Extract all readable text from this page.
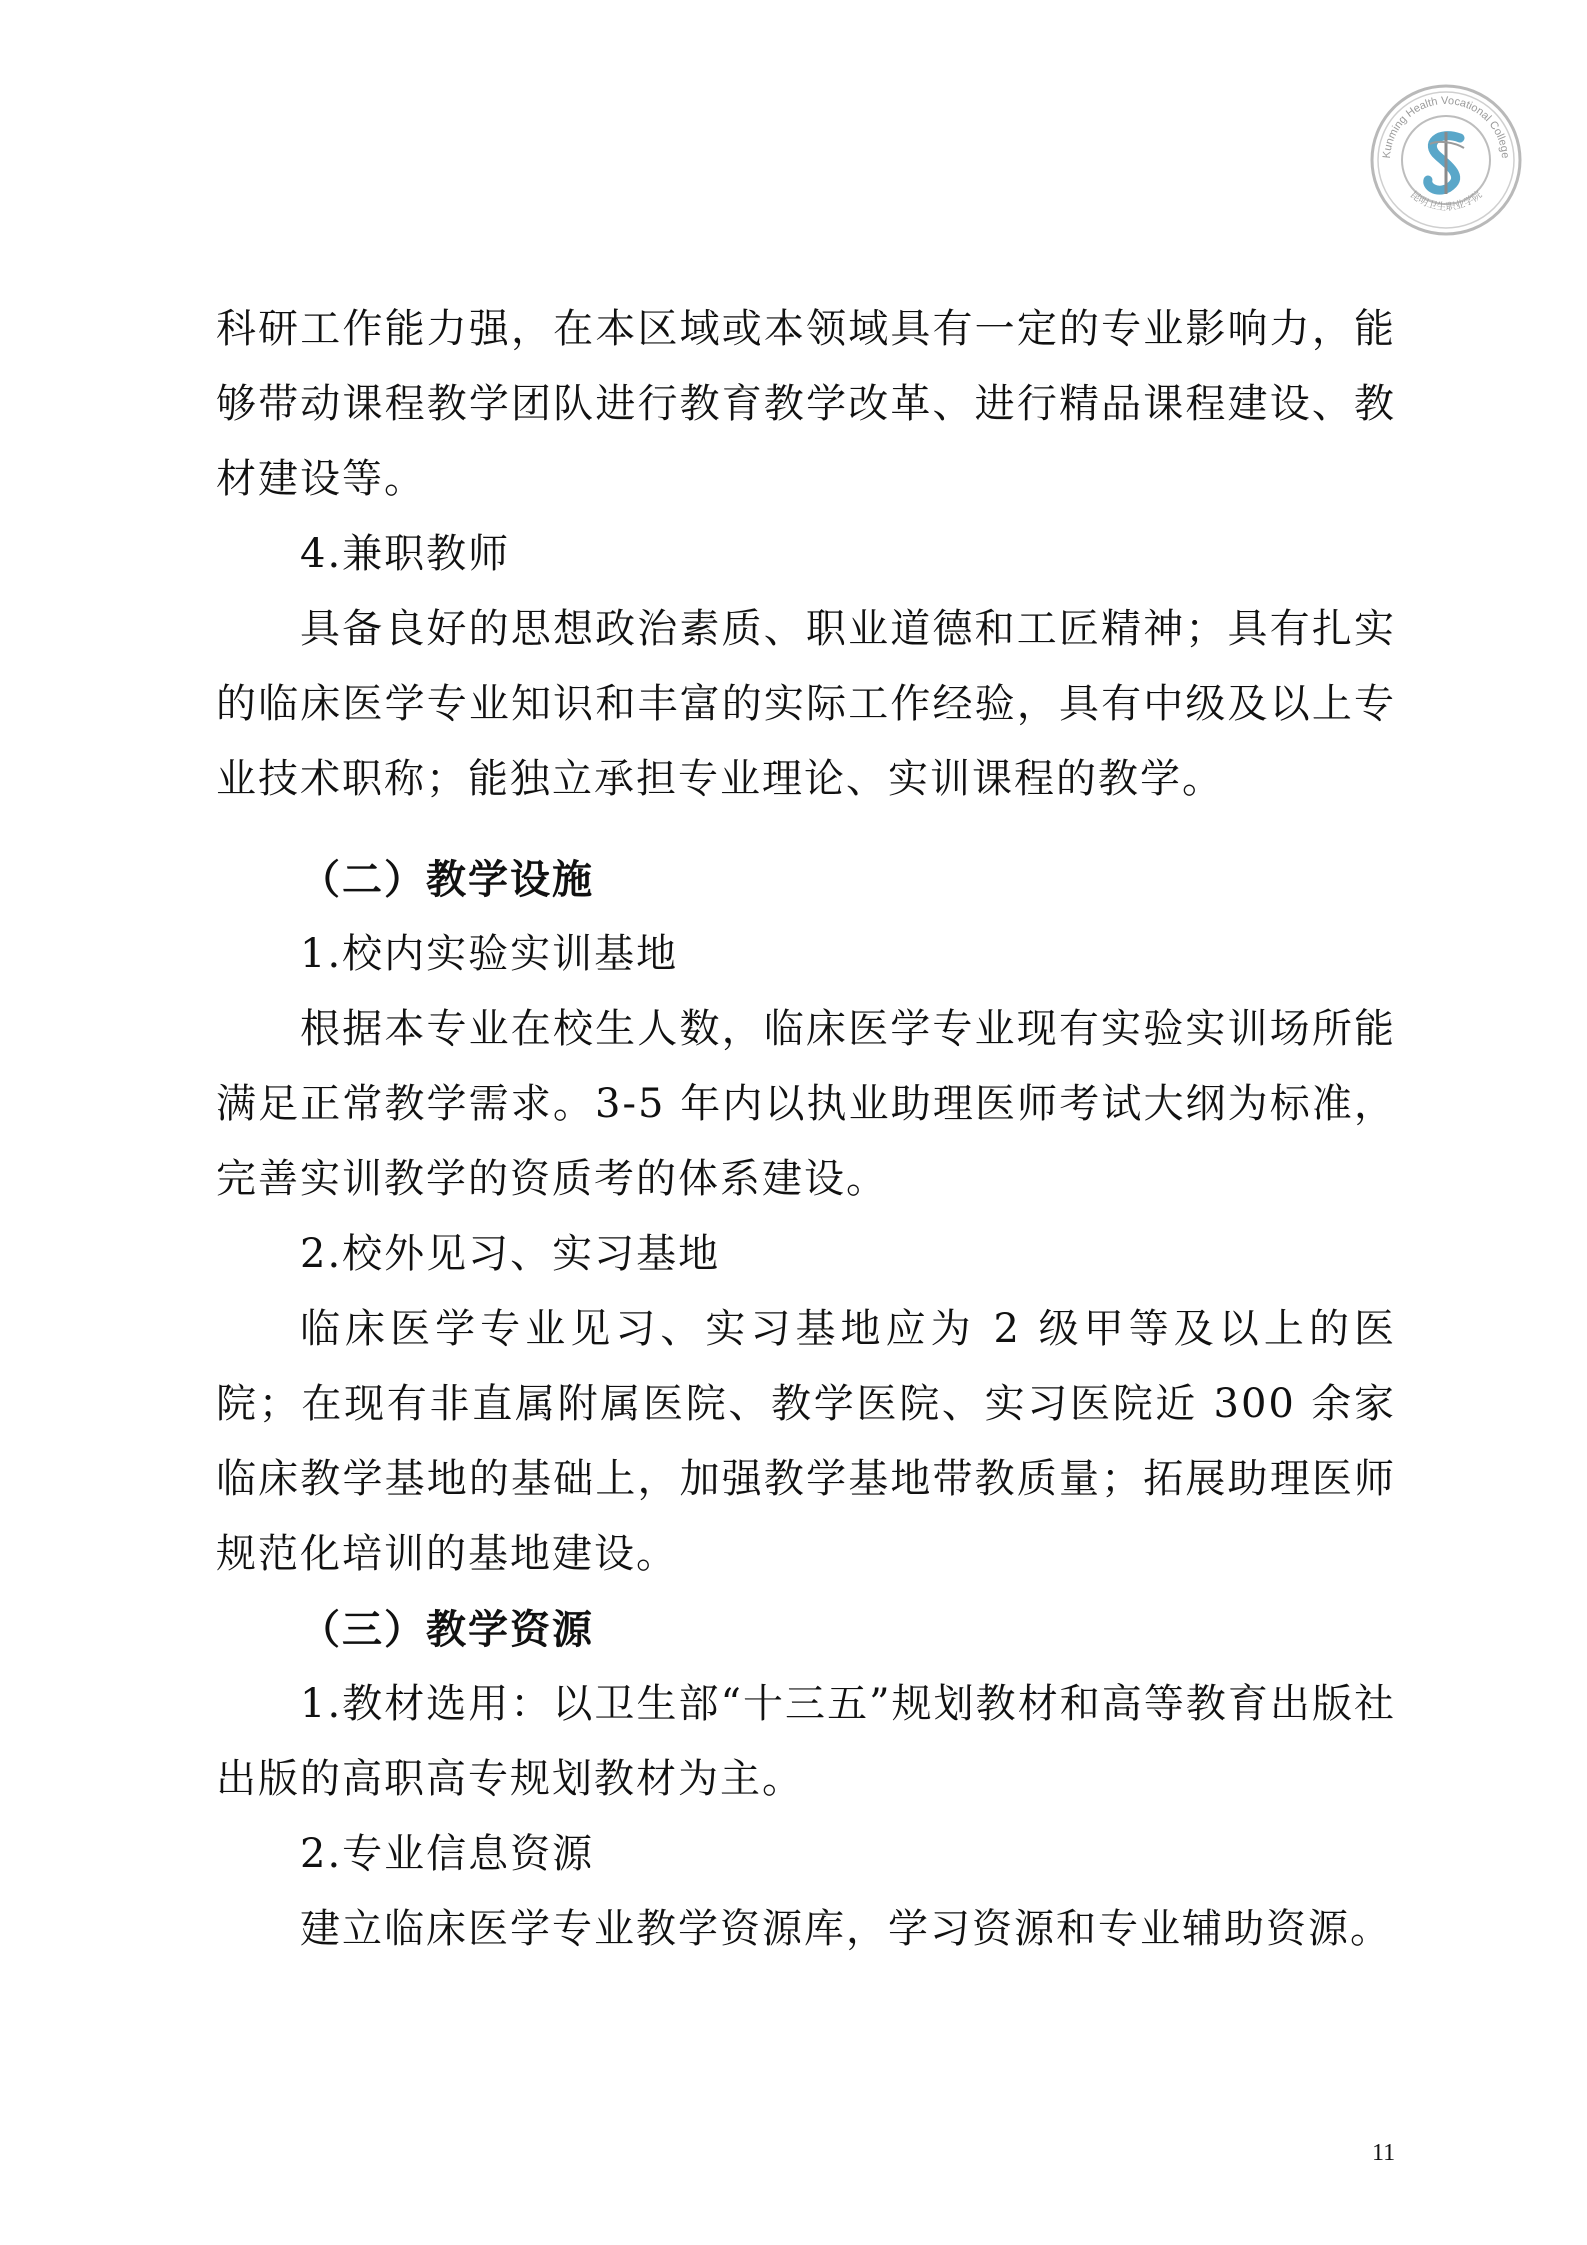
Kunming Health Vocational College
昆明卫生职业学院

科研工作能力强，在本区域或本领域具有一定的专业影响力，能够带动课程教学团队进行教育教学改革、进行精品课程建设、教材建设等。

4.兼职教师

具备良好的思想政治素质、职业道德和工匠精神；具有扎实的临床医学专业知识和丰富的实际工作经验，具有中级及以上专业技术职称；能独立承担专业理论、实训课程的教学。

（二）教学设施

1.校内实验实训基地

根据本专业在校生人数，临床医学专业现有实验实训场所能满足正常教学需求。3-5 年内以执业助理医师考试大纲为标准，完善实训教学的资质考的体系建设。

2.校外见习、实习基地

临床医学专业见习、实习基地应为 2 级甲等及以上的医院；在现有非直属附属医院、教学医院、实习医院近 300 余家临床教学基地的基础上，加强教学基地带教质量；拓展助理医师规范化培训的基地建设。

（三）教学资源

1.教材选用：以卫生部“十三五”规划教材和高等教育出版社出版的高职高专规划教材为主。

2.专业信息资源

建立临床医学专业教学资源库，学习资源和专业辅助资源。

11
